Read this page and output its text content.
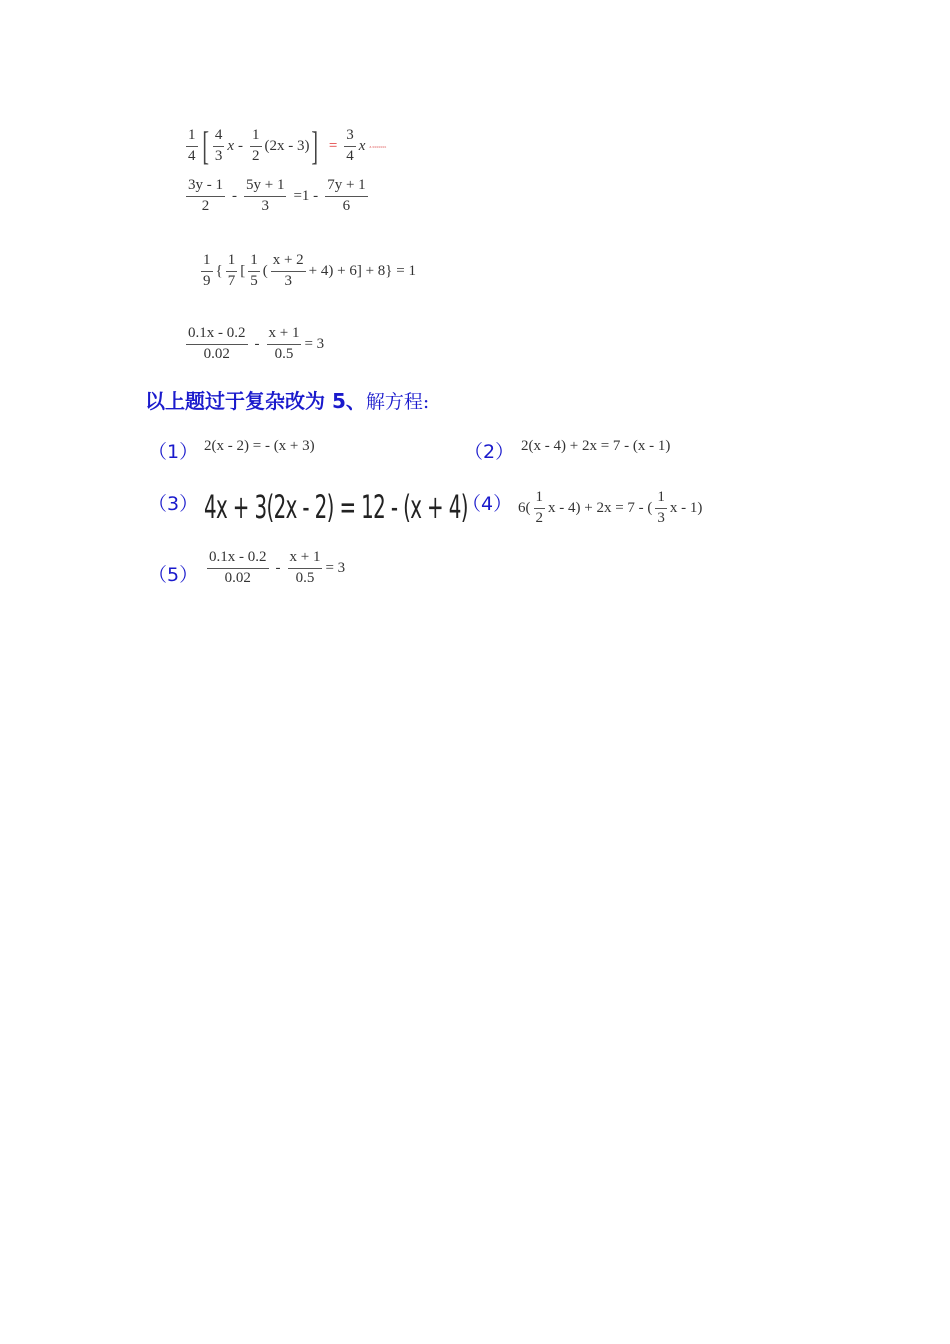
$\frac{1}{4}$ [ $\frac{4}{3}$ x - $\frac{1}{2} (2x - 3)$ ] = $\frac{3}{4}$ x a.xxxxxxx
$\frac{3y - 1}{2} - \frac{5y + 1}{3} =1 - \frac{7y + 1}{6}$
$\frac{1}{9}$ { $\frac{1}{7}$ [ $\frac{1}{5}$ ( $\frac{x + 2}{3} + 4) + 6] + 8\} = 1$
$\frac{0.1x - 0.2}{0.02} - \frac{x + 1}{0.5} = 3$
以上题过于复杂改为 5、解方程:
（1） 2(x - 2) = - (x + 3)	（2） 2(x - 4) + 2x = 7 - (x - 1)
（3） 4x + 3(2x - 2) = 12 - (x + 4)
（4） $6( \frac{1}{2}$ x - 4) + 2x = 7 - ( $\frac{1}{3}$ x - 1)
$(5) \frac{0.1x - 0.2}{0.02} - \frac{x + 1}{0.5} = 3$
